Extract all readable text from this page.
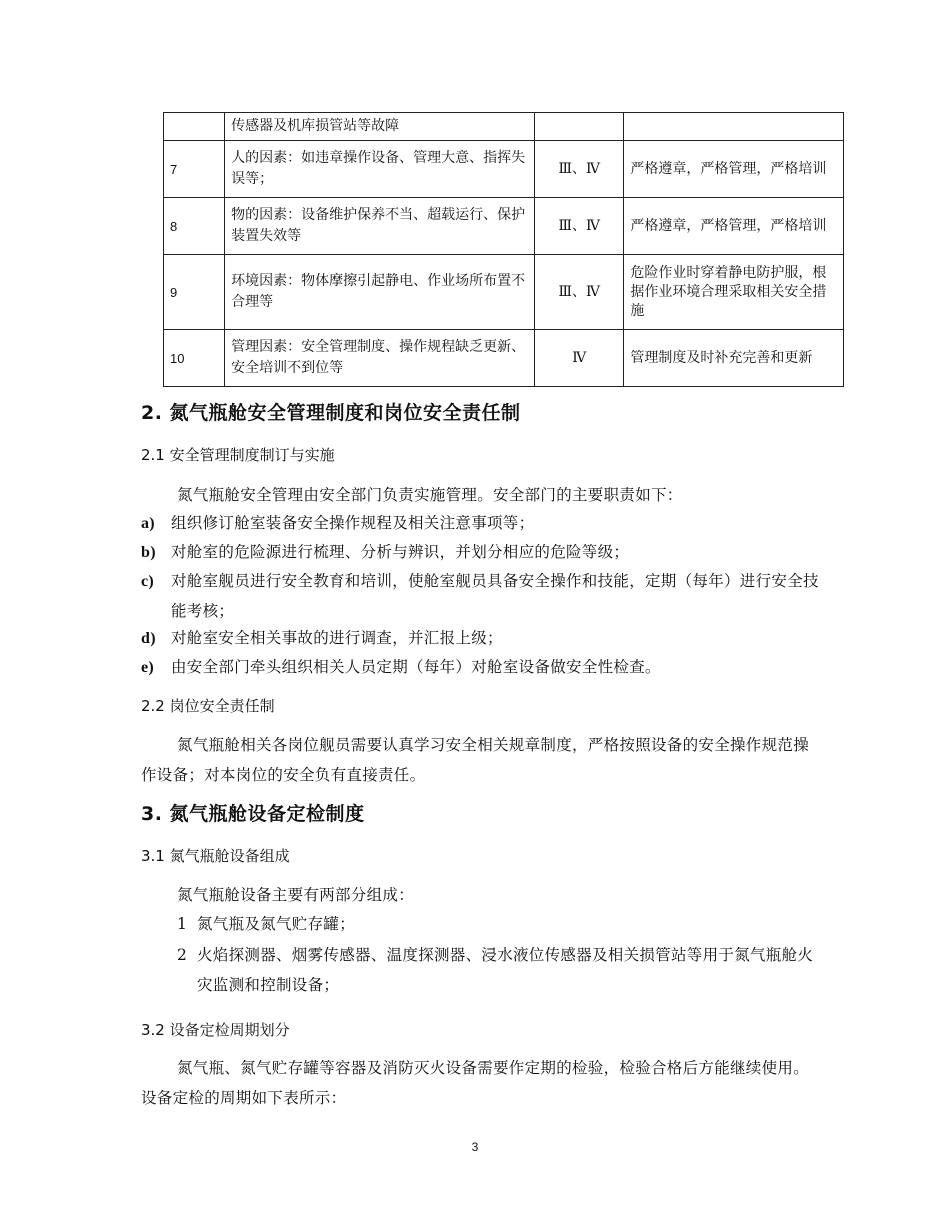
	传感器及机库损管站等故障		
7	人的因素：如违章操作设备、管理大意、指挥失误等；	Ⅲ、Ⅳ	严格遵章，严格管理，严格培训
8	物的因素：设备维护保养不当、超载运行、保护装置失效等	Ⅲ、Ⅳ	严格遵章，严格管理，严格培训
9	环境因素：物体摩擦引起静电、作业场所布置不合理等	Ⅲ、Ⅳ	危险作业时穿着静电防护服，根据作业环境合理采取相关安全措施
10	管理因素：安全管理制度、操作规程缺乏更新、安全培训不到位等	Ⅳ	管理制度及时补充完善和更新
2. 氮气瓶舱安全管理制度和岗位安全责任制
2.1 安全管理制度制订与实施
氮气瓶舱安全管理由安全部门负责实施管理。安全部门的主要职责如下：
a) 组织修订舱室装备安全操作规程及相关注意事项等；
b) 对舱室的危险源进行梳理、分析与辨识，并划分相应的危险等级；
c) 对舱室舰员进行安全教育和培训，使舱室舰员具备安全操作和技能，定期（每年）进行安全技能考核；
d) 对舱室安全相关事故的进行调查，并汇报上级；
e) 由安全部门牵头组织相关人员定期（每年）对舱室设备做安全性检查。
2.2 岗位安全责任制
氮气瓶舱相关各岗位舰员需要认真学习安全相关规章制度，严格按照设备的安全操作规范操作设备；对本岗位的安全负有直接责任。
3. 氮气瓶舱设备定检制度
3.1 氮气瓶舱设备组成
氮气瓶舱设备主要有两部分组成：
1 氮气瓶及氮气贮存罐；
2 火焰探测器、烟雾传感器、温度探测器、浸水液位传感器及相关损管站等用于氮气瓶舱火灾监测和控制设备；
3.2 设备定检周期划分
氮气瓶、氮气贮存罐等容器及消防灭火设备需要作定期的检验，检验合格后方能继续使用。设备定检的周期如下表所示：
3
